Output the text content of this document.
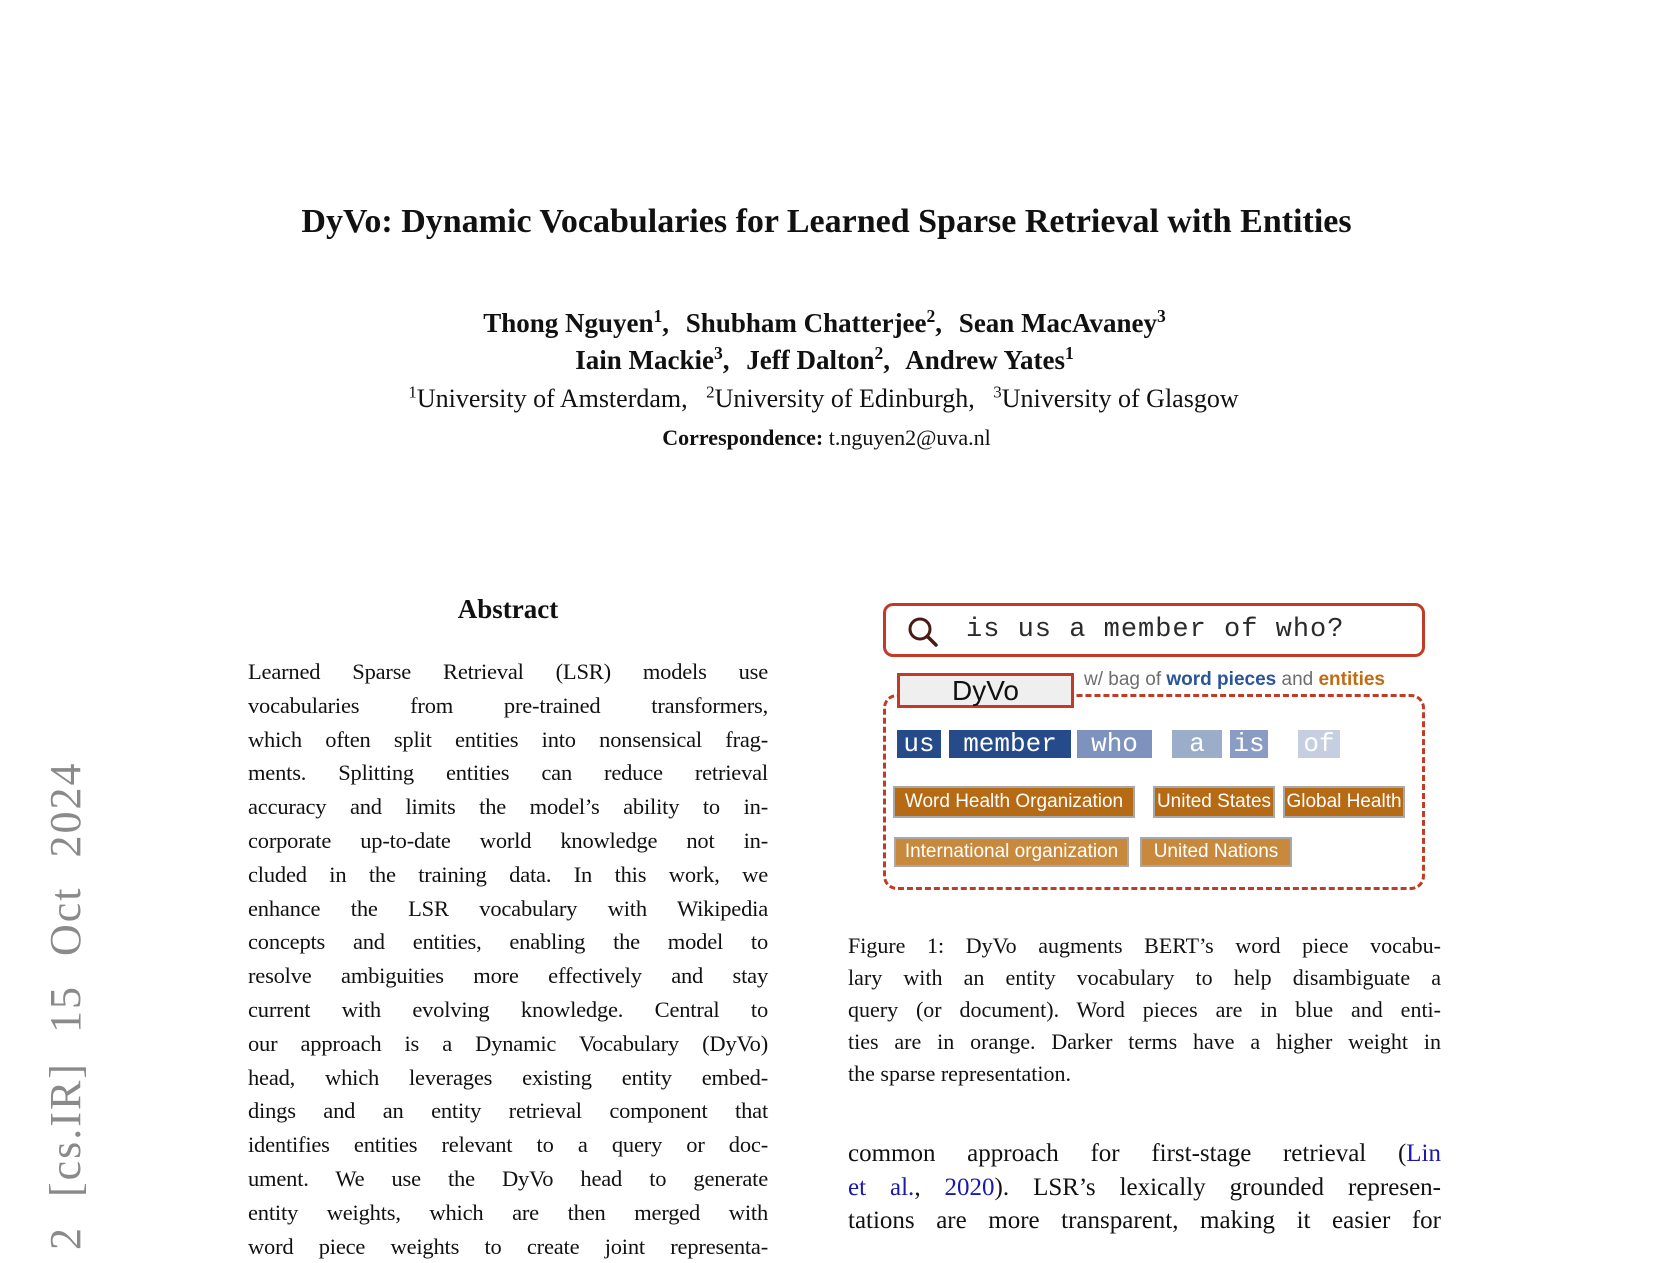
2 [cs.IR] 15 Oct 2024
DyVo: Dynamic Vocabularies for Learned Sparse Retrieval with Entities
Thong Nguyen$^1$, Shubham Chatterjee$^2$, Sean MacAvaney$^3$
Iain Mackie$^3$, Jeff Dalton$^2$, Andrew Yates$^1$
$^1$University of Amsterdam, $^2$University of Edinburgh, $^3$University of Glasgow
Correspondence: t.nguyen2@uva.nl
Abstract
Learned Sparse Retrieval (LSR) models use
vocabularies from pre-trained transformers,
which often split entities into nonsensical frag-
ments. Splitting entities can reduce retrieval
accuracy and limits the model’s ability to in-
corporate up-to-date world knowledge not in-
cluded in the training data. In this work, we
enhance the LSR vocabulary with Wikipedia
concepts and entities, enabling the model to
resolve ambiguities more effectively and stay
current with evolving knowledge. Central to
our approach is a Dynamic Vocabulary (DyVo)
head, which leverages existing entity embed-
dings and an entity retrieval component that
identifies entities relevant to a query or doc-
ument. We use the DyVo head to generate
entity weights, which are then merged with
word piece weights to create joint representa-
is us a member of who?
DyVo	w/ bag of word pieces and entities
us	member	who	a	is of
Word Health Organization	United States Global Health
International organization	United Nations
Figure 1: DyVo augments BERT’s word piece vocabu-
lary with an entity vocabulary to help disambiguate a
query (or document). Word pieces are in blue and enti-
ties are in orange. Darker terms have a higher weight in
the sparse representation.
common approach for first-stage retrieval (Lin
et al., 2020). LSR’s lexically grounded represen-
tations are more transparent, making it easier for
